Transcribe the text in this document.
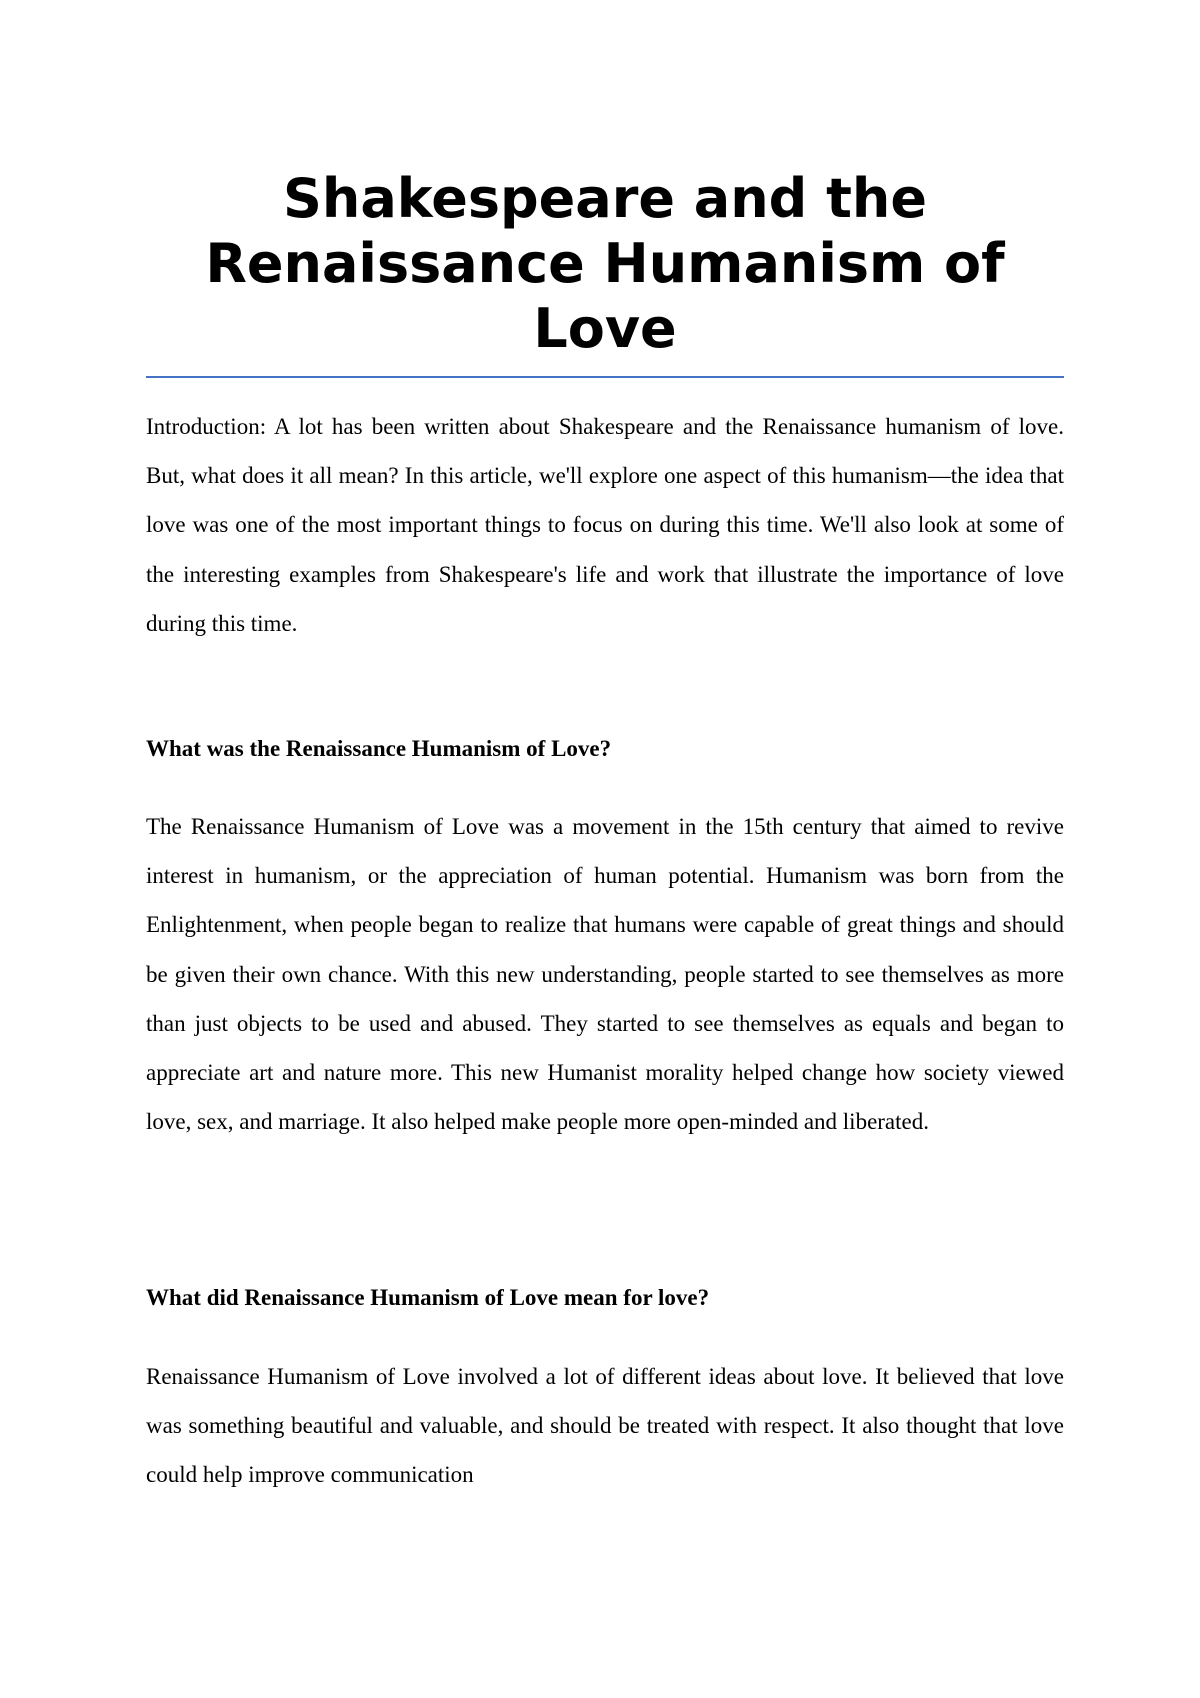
Shakespeare and the Renaissance Humanism of Love

Introduction: A lot has been written about Shakespeare and the Renaissance humanism of love. But, what does it all mean? In this article, we'll explore one aspect of this humanism—the idea that love was one of the most important things to focus on during this time. We'll also look at some of the interesting examples from Shakespeare's life and work that illustrate the importance of love during this time.

What was the Renaissance Humanism of Love?

The Renaissance Humanism of Love was a movement in the 15th century that aimed to revive interest in humanism, or the appreciation of human potential. Humanism was born from the Enlightenment, when people began to realize that humans were capable of great things and should be given their own chance. With this new understanding, people started to see themselves as more than just objects to be used and abused. They started to see themselves as equals and began to appreciate art and nature more. This new Humanist morality helped change how society viewed love, sex, and marriage. It also helped make people more open-minded and liberated.

What did Renaissance Humanism of Love mean for love?

Renaissance Humanism of Love involved a lot of different ideas about love. It believed that love was something beautiful and valuable, and should be treated with respect. It also thought that love could help improve communication
